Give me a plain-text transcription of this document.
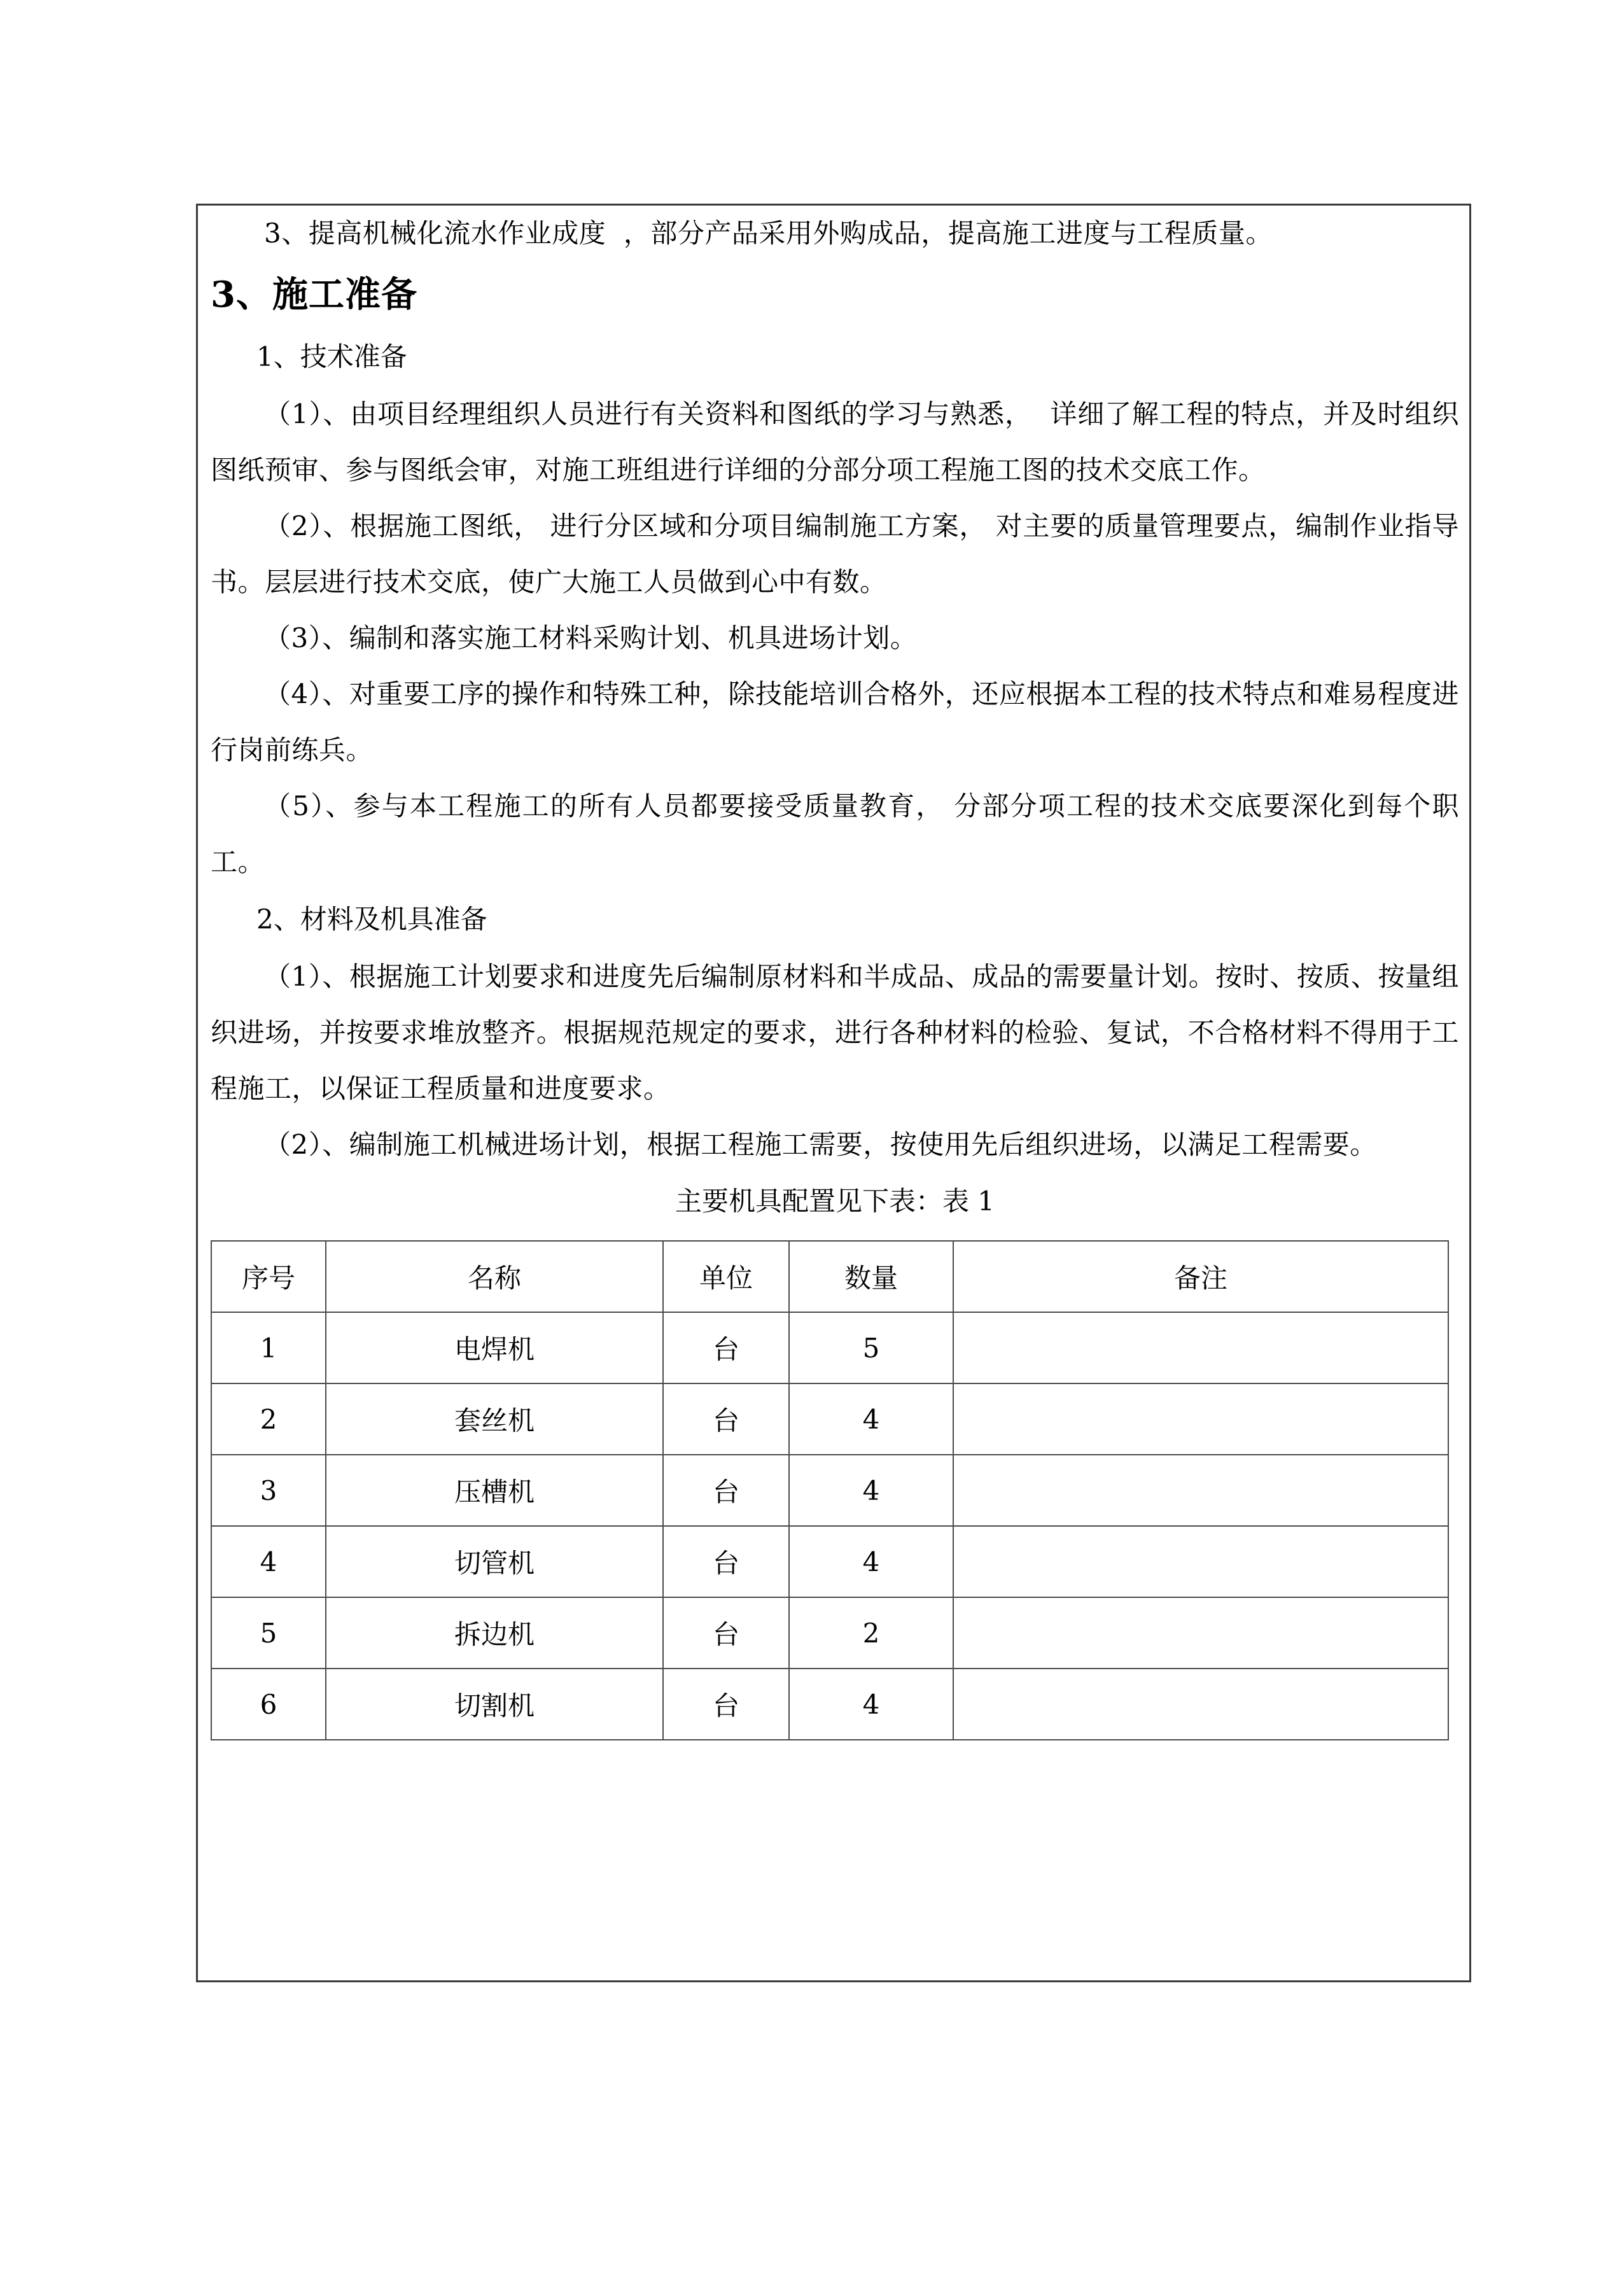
3、提高机械化流水作业成度  ，部分产品采用外购成品，提高施工进度与工程质量。

3、施工准备

1、技术准备

（1）、由项目经理组织人员进行有关资料和图纸的学习与熟悉，  详细了解工程的特点，并及时组织图纸预审、参与图纸会审，对施工班组进行详细的分部分项工程施工图的技术交底工作。

（2）、根据施工图纸， 进行分区域和分项目编制施工方案， 对主要的质量管理要点，编制作业指导书。层层进行技术交底，使广大施工人员做到心中有数。

（3）、编制和落实施工材料采购计划、机具进场计划。

（4）、对重要工序的操作和特殊工种，除技能培训合格外，还应根据本工程的技术特点和难易程度进行岗前练兵。

（5）、参与本工程施工的所有人员都要接受质量教育， 分部分项工程的技术交底要深化到每个职工。

2、材料及机具准备

（1）、根据施工计划要求和进度先后编制原材料和半成品、成品的需要量计划。按时、按质、按量组织进场，并按要求堆放整齐。根据规范规定的要求，进行各种材料的检验、复试，不合格材料不得用于工程施工，以保证工程质量和进度要求。

（2）、编制施工机械进场计划，根据工程施工需要，按使用先后组织进场，以满足工程需要。

主要机具配置见下表：表 1

序号	名称	单位	数量	备注
1	电焊机	台	5	
2	套丝机	台	4	
3	压槽机	台	4	
4	切管机	台	4	
5	拆边机	台	2	
6	切割机	台	4	
